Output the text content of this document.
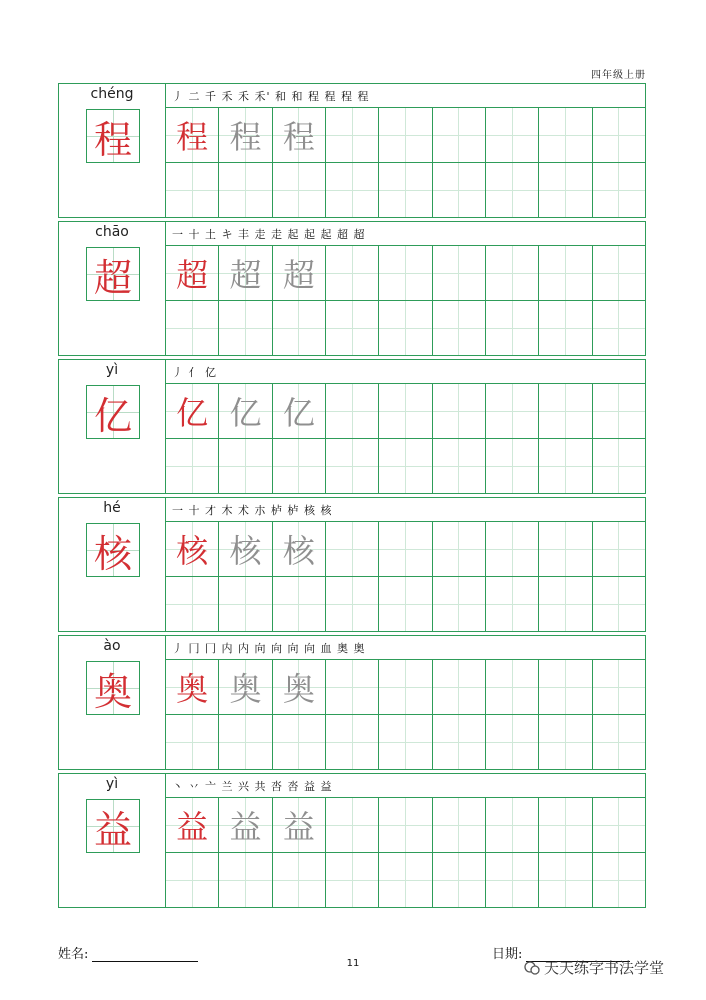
四年级上册
chéng
程
丿 二 千 禾 禾 禾' 和 和 程 程 程 程
程 程 程
chāo
超
一 十 土 キ 丰 走 走 起 起 起 超 超
超 超 超
yì
亿
丿 亻 亿
亿 亿 亿
hé
核
一 十 才 木 术 朩 栌 栌 核 核
核 核 核
ào
奥
丿 冂 冂 内 内 向 向 向 向 血 奥 奥
奥 奥 奥
yì
益
丶 丷 亠 兰 兴 共 呇 呇 益 益
益 益 益
姓名:	日期:
11	天天练字书法学堂
